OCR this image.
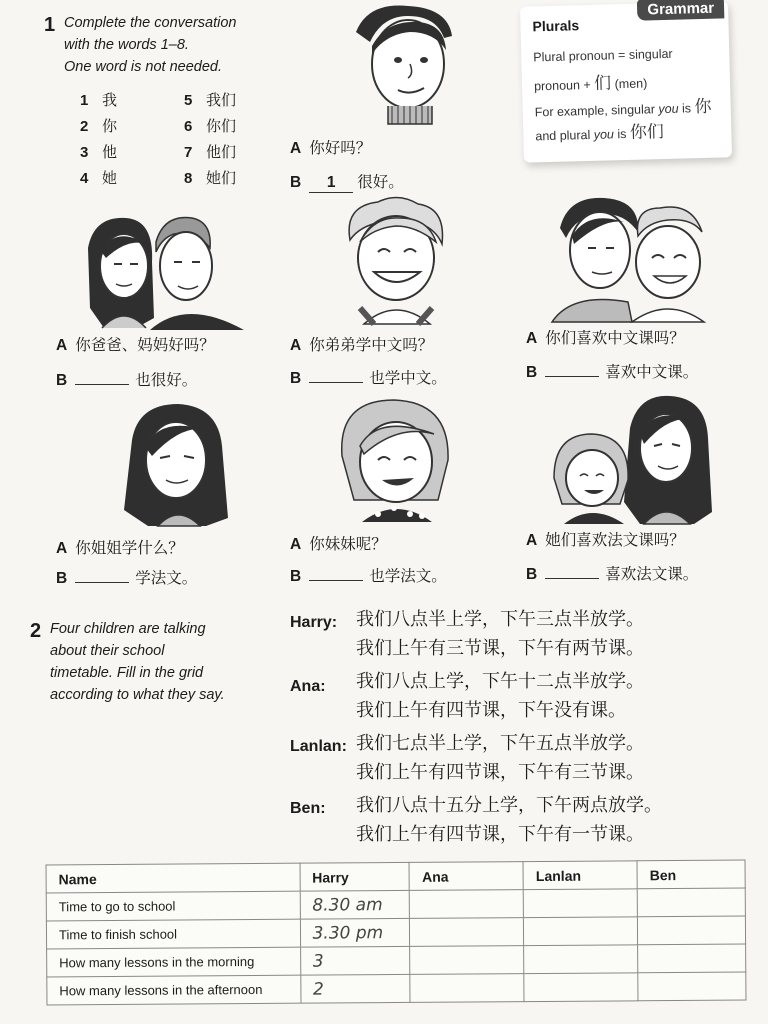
1 Complete the conversation
with the words 1–8.
One word is not needed.
1 我	5 我们
2 你	6 你们
3 他	7 他们
4 她	8 她们
A 你好吗？
B 1 很好。
Grammar
Plurals
Plural pronoun = singular
pronoun + 们 (men)
For example, singular you is 你
and plural you is 你们
A 你爸爸、妈妈好吗？
B	也很好。
A 你弟弟学中文吗？
B	也学中文。
A 你们喜欢中文课吗？
B	喜欢中文课。
A 你姐姐学什么？
B	学法文。
A 你妹妹呢？
B	也学法文。
A 她们喜欢法文课吗？
B	喜欢法文课。
2 Four children are talking
about their school
timetable. Fill in the grid
according to what they say.
Harry: 我们八点半上学，下午三点半放学。
我们上午有三节课，下午有两节课。
Ana: 我们八点上学，下午十二点半放学。
我们上午有四节课，下午没有课。
Lanlan: 我们七点半上学，下午五点半放学。
我们上午有四节课，下午有三节课。
Ben: 我们八点十五分上学，下午两点放学。
我们上午有四节课，下午有一节课。
Name	Harry	Ana	Lanlan	Ben
Time to go to school	8.30 am			
Time to finish school	3.30 pm			
How many lessons in the morning	3			
How many lessons in the afternoon	2			
